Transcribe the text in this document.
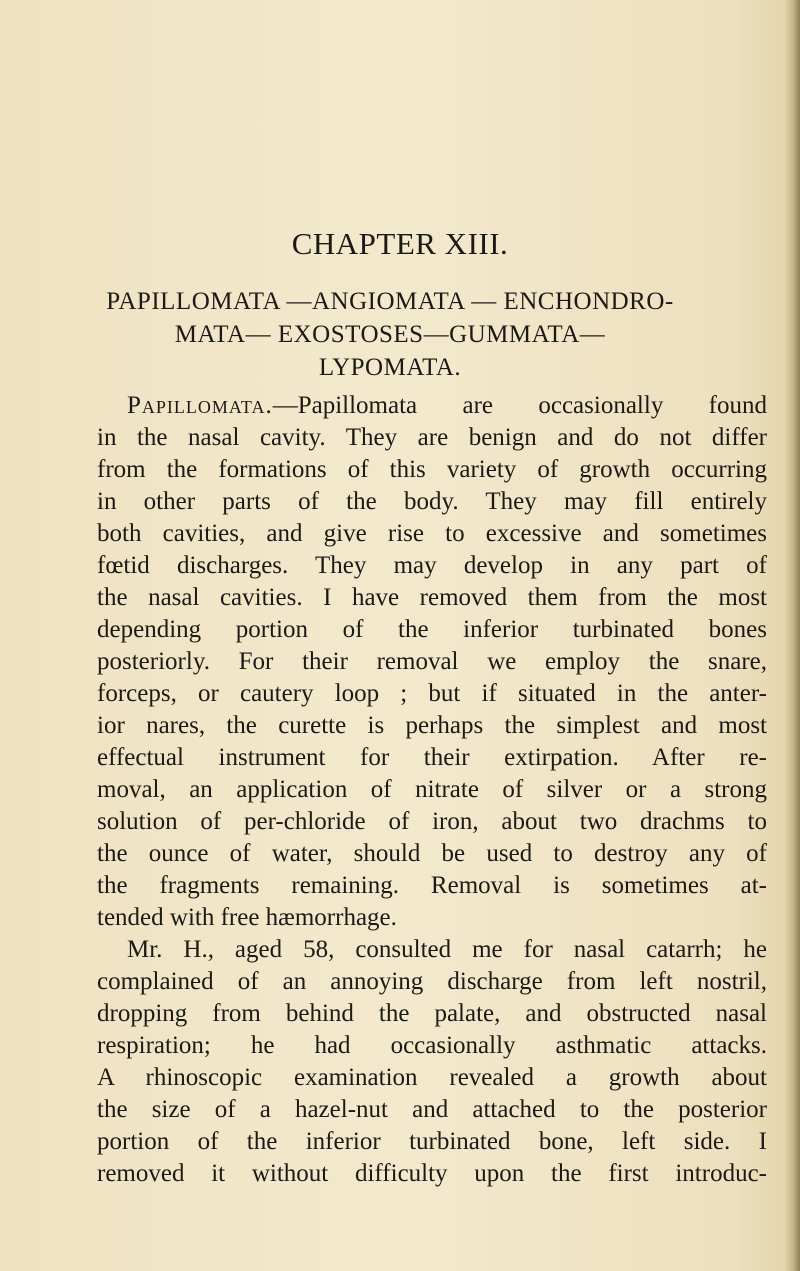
CHAPTER XIII.
PAPILLOMATA —ANGIOMATA — ENCHONDRO-
MATA— EXOSTOSES—GUMMATA—
LYPOMATA.
Papillomata.—Papillomata are occasionally found
in the nasal cavity. They are benign and do not differ
from the formations of this variety of growth occurring
in other parts of the body. They may fill entirely
both cavities, and give rise to excessive and sometimes
fœtid discharges. They may develop in any part of
the nasal cavities. I have removed them from the most
depending portion of the inferior turbinated bones
posteriorly. For their removal we employ the snare,
forceps, or cautery loop ; but if situated in the anter-
ior nares, the curette is perhaps the simplest and most
effectual instrument for their extirpation. After re-
moval, an application of nitrate of silver or a strong
solution of per-chloride of iron, about two drachms to
the ounce of water, should be used to destroy any of
the fragments remaining. Removal is sometimes at-
tended with free hæmorrhage.
Mr. H., aged 58, consulted me for nasal catarrh; he
complained of an annoying discharge from left nostril,
dropping from behind the palate, and obstructed nasal
respiration; he had occasionally asthmatic attacks.
A rhinoscopic examination revealed a growth about
the size of a hazel-nut and attached to the posterior
portion of the inferior turbinated bone, left side. I
removed it without difficulty upon the first introduc-
